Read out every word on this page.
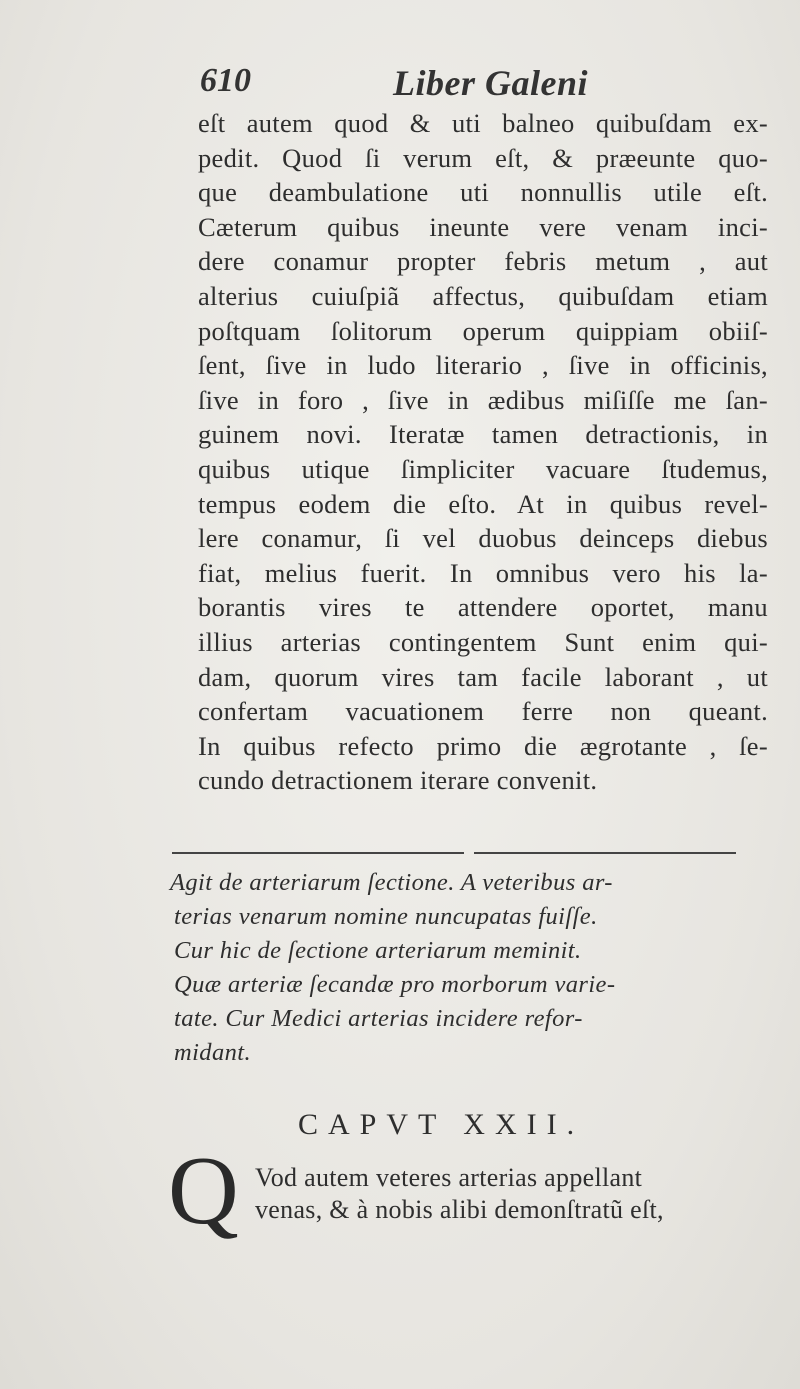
610	Liber Galeni
eſt autem quod & uti balneo quibuſdam ex-
pedit. Quod ſi verum eſt, & præeunte quo-
que deambulatione uti nonnullis utile eſt.
Cæterum quibus ineunte vere venam inci-
dere conamur propter febris metum , aut
alterius cuiuſpiã affectus, quibuſdam etiam
poſtquam ſolitorum operum quippiam obiiſ-
ſent, ſive in ludo literario , ſive in officinis,
ſive in foro , ſive in ædibus miſiſſe me ſan-
guinem novi. Iteratæ tamen detractionis, in
quibus utique ſimpliciter vacuare ſtudemus,
tempus eodem die eſto. At in quibus revel-
lere conamur, ſi vel duobus deinceps diebus
fiat, melius fuerit. In omnibus vero his la-
borantis vires te attendere oportet, manu
illius arterias contingentem Sunt enim qui-
dam, quorum vires tam facile laborant , ut
confertam vacuationem ferre non queant.
In quibus refecto primo die ægrotante , ſe-
cundo detractionem iterare convenit.
Agit de arteriarum ſectione. A veteribus ar-
terias venarum nomine nuncupatas fuiſſe.
Cur hic de ſectione arteriarum meminit.
Quæ arteriæ ſecandæ pro morborum varie-
tate. Cur Medici arterias incidere refor-
midant.
CAPVT XXII.
Q Vod autem veteres arterias appellant
venas, & à nobis alibi demonſtratũ eſt,
